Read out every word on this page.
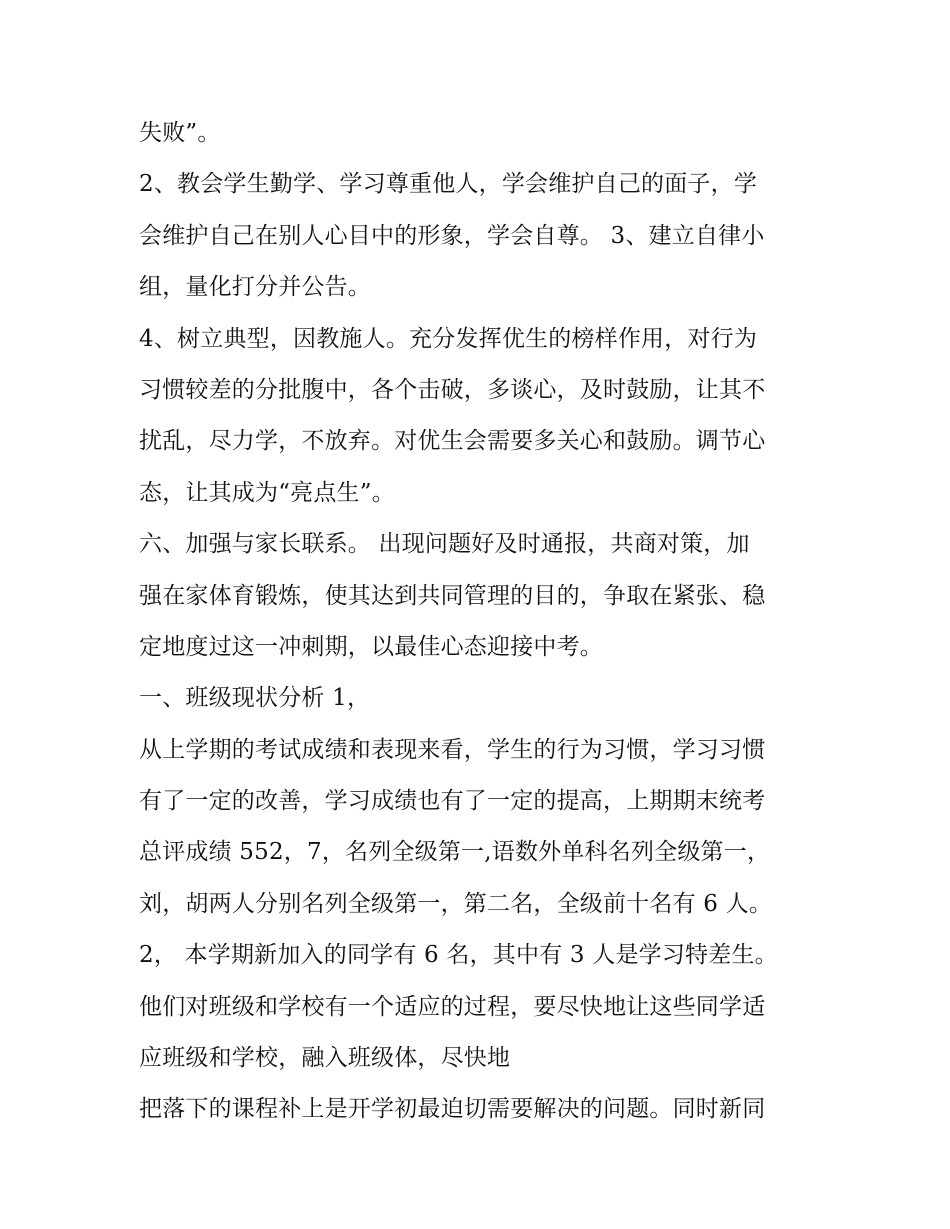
失败”。
2、教会学生勤学、学习尊重他人，学会维护自己的面子，学
会维护自己在别人心目中的形象，学会自尊。 3、建立自律小
组，量化打分并公告。
4、树立典型，因教施人。充分发挥优生的榜样作用，对行为
习惯较差的分批腹中，各个击破，多谈心，及时鼓励，让其不
扰乱，尽力学，不放弃。对优生会需要多关心和鼓励。调节心
态，让其成为“亮点生”。
六、加强与家长联系。 出现问题好及时通报，共商对策，加
强在家体育锻炼，使其达到共同管理的目的，争取在紧张、稳
定地度过这一冲刺期，以最佳心态迎接中考。
一、班级现状分析 1，
从上学期的考试成绩和表现来看，学生的行为习惯，学习习惯
有了一定的改善，学习成绩也有了一定的提高，上期期末统考
总评成绩 552，7，名列全级第一,语数外单科名列全级第一，
刘，胡两人分别名列全级第一，第二名，全级前十名有 6 人。
2， 本学期新加入的同学有 6 名，其中有 3 人是学习特差生。
他们对班级和学校有一个适应的过程，要尽快地让这些同学适
应班级和学校，融入班级体，尽快地
把落下的课程补上是开学初最迫切需要解决的问题。同时新同
